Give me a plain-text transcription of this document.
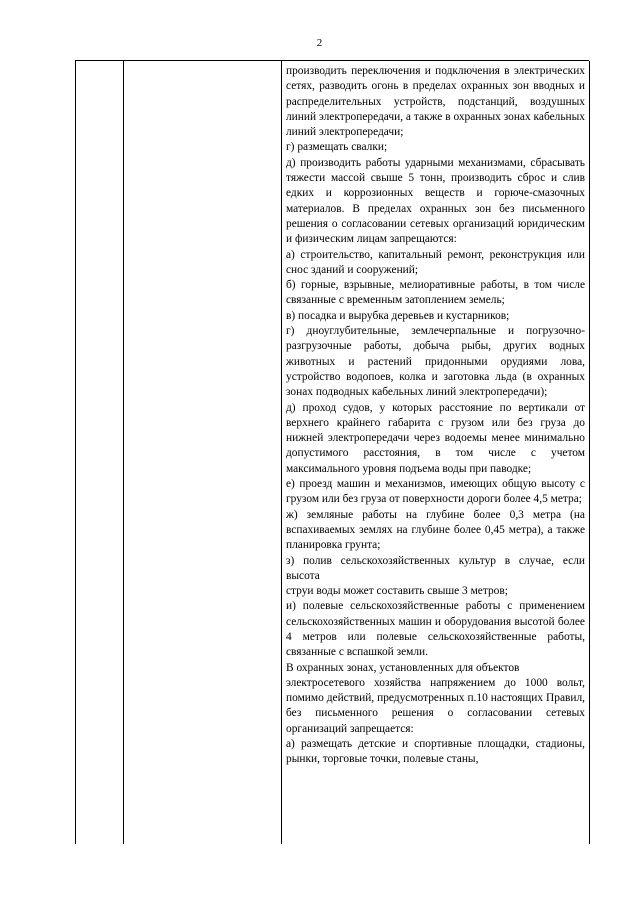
2

производить переключения и подключения в электрических сетях, разводить огонь в пределах охранных зон вводных и распределительных устройств, подстанций, воздушных линий электропередачи, а также в охранных зонах кабельных линий электропередачи;

г) размещать свалки;

д) производить работы ударными механизмами, сбрасывать тяжести массой свыше 5 тонн, производить сброс и слив едких и коррозионных веществ и горюче-смазочных материалов. В пределах охранных зон без письменного решения о согласовании сетевых организаций юридическим и физическим лицам запрещаются:

а) строительство, капитальный ремонт, реконструкция или снос зданий и сооружений;

б) горные, взрывные, мелиоративные работы, в том числе связанные с временным затоплением земель;

в) посадка и вырубка деревьев и кустарников;

г) дноуглубительные, землечерпальные и погрузочно-разгрузочные работы, добыча рыбы, других водных животных и растений придонными орудиями лова, устройство водопоев, колка и заготовка льда (в охранных зонах подводных кабельных линий электропередачи);

д) проход судов, у которых расстояние по вертикали от верхнего крайнего габарита с грузом или без груза до нижней электропередачи через водоемы менее минимально допустимого расстояния, в том числе с учетом максимального уровня подъема воды при паводке;

е) проезд машин и механизмов, имеющих общую высоту с грузом или без груза от поверхности дороги более 4,5 метра;

ж) земляные работы на глубине более 0,3 метра (на вспахиваемых землях на глубине более 0,45 метра), а также планировка грунта;

з) полив сельскохозяйственных культур в случае, если высота

струи воды может составить свыше 3 метров;

и) полевые сельскохозяйственные работы с применением сельскохозяйственных машин и оборудования высотой более 4 метров или полевые сельскохозяйственные работы, связанные с вспашкой земли.

В охранных зонах, установленных для объектов

электросетевого хозяйства напряжением до 1000 вольт, помимо действий, предусмотренных п.10 настоящих Правил, без письменного решения о согласовании сетевых организаций запрещается:

а) размещать детские и спортивные площадки, стадионы, рынки, торговые точки, полевые станы,
